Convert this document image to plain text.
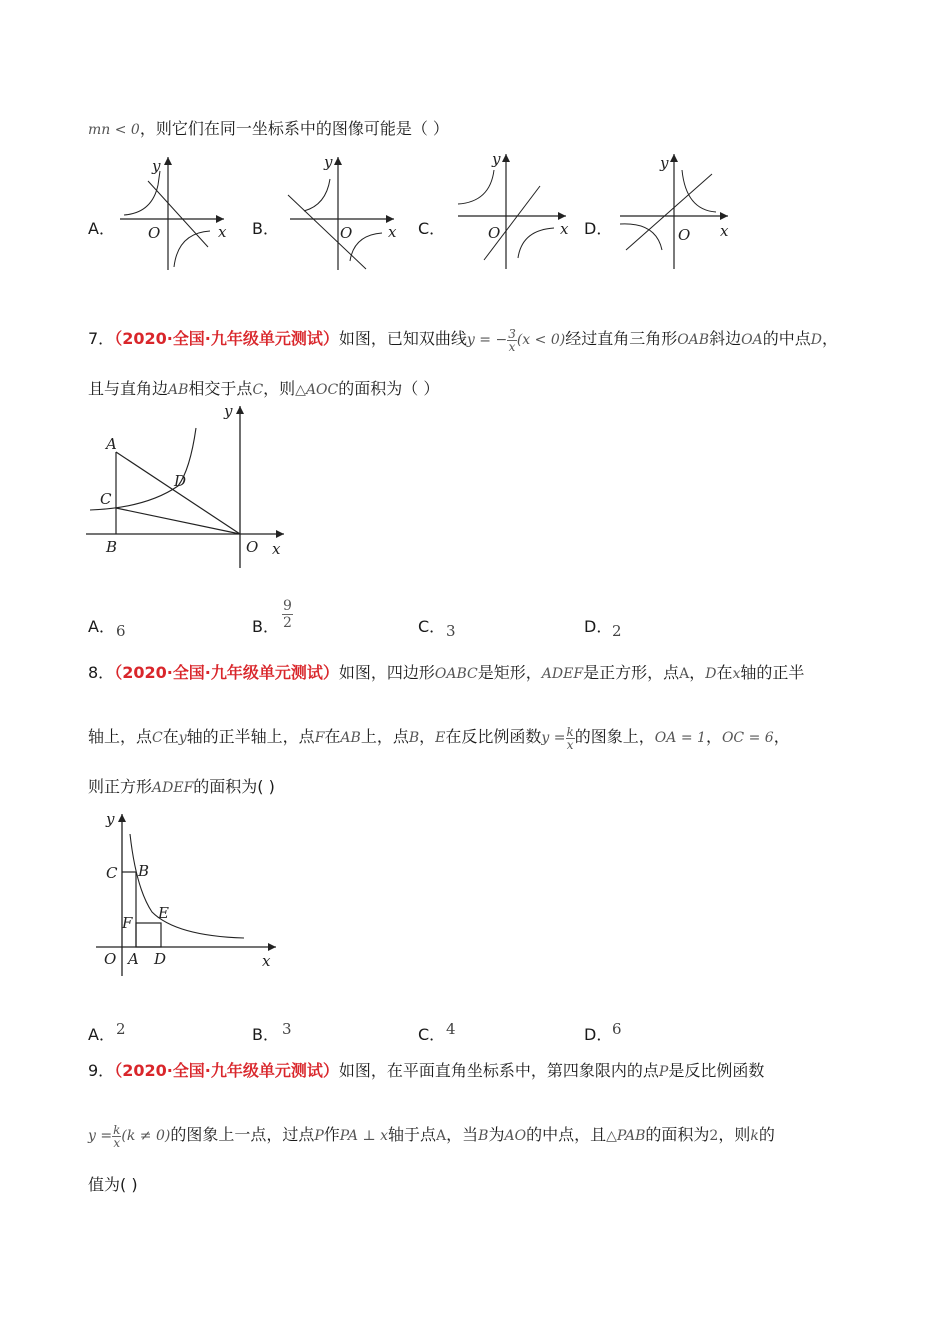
mn < 0，则它们在同一坐标系中的图像可能是（ ）
A．	x
y
O	B．	x
y
O	C．	x
y
O	D．	x
y
O
7．（2020·全国·九年级单元测试）如图，已知双曲线y = − $\frac{3}{x} (x < 0)$经过直角三角形OAB斜边OA的中点D，
且与直角边AB相交于点C，则△AOC的面积为（ ）
A
B
C
D
O x
y
A． 6	B． $\frac{9}{2}$	C． 3	D． 2
8．（2020·全国·九年级单元测试）如图，四边形OABC是矩形，ADEF是正方形，点A，D在x轴的正半
轴上，点C在y轴的正半轴上，点F在AB上，点B，E在反比例函数$y = \frac{k}{x}$ 的图象上，OA = 1，OC = 6，
则正方形ADEF的面积为( )
y
x
O A D
C B
F
E
A． 2	B． 3	C． 4	D． 6
9．（2020·全国·九年级单元测试）如图，在平面直角坐标系中，第四象限内的点P是反比例函数
$y = \frac{k}{x} (k \ne 0)$的图象上一点，过点P作PA ⊥ x轴于点A，当B为AO的中点，且△PAB的面积为2，则k的
值为( )
